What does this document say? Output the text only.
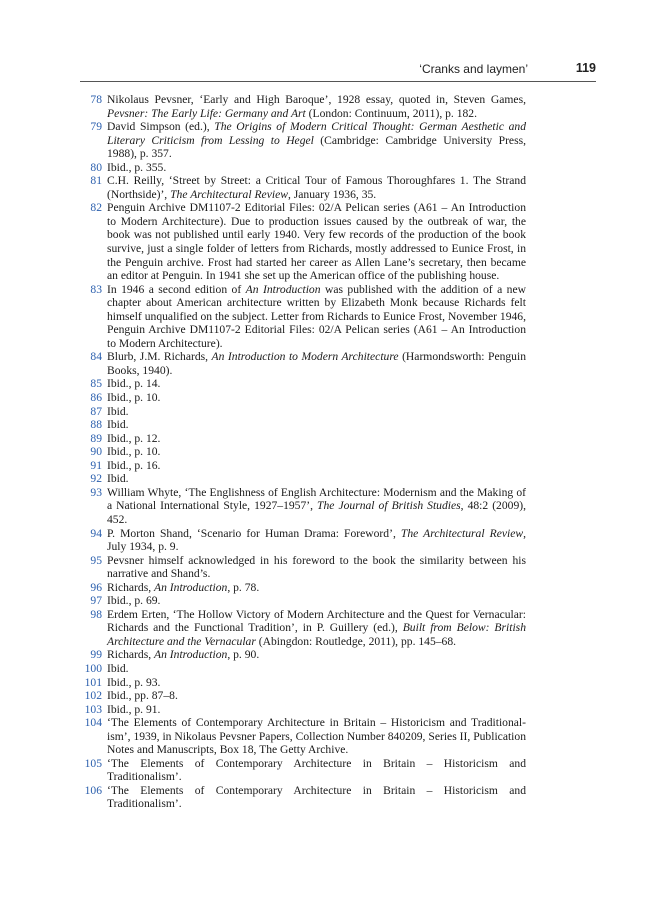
‘Cranks and laymen’	119
78 Nikolaus Pevsner, ‘Early and High Baroque’, 1928 essay, quoted in, Steven Games, Pevsner: The Early Life: Germany and Art (London: Continuum, 2011), p. 182.
79 David Simpson (ed.), The Origins of Modern Critical Thought: German Aesthetic and Literary Criticism from Lessing to Hegel (Cambridge: Cambridge University Press, 1988), p. 357.
80 Ibid., p. 355.
81 C.H. Reilly, ‘Street by Street: a Critical Tour of Famous Thoroughfares 1. The Strand (Northside)’, The Architectural Review, January 1936, 35.
82 Penguin Archive DM1107-2 Editorial Files: 02/A Pelican series (A61 – An Introduction to Modern Architecture). Due to production issues caused by the outbreak of war, the book was not published until early 1940. Very few records of the production of the book survive, just a single folder of letters from Richards, mostly addressed to Eunice Frost, in the Penguin archive. Frost had started her career as Allen Lane’s secretary, then became an editor at Penguin. In 1941 she set up the American office of the publishing house.
83 In 1946 a second edition of An Introduction was published with the addition of a new chapter about American architecture written by Elizabeth Monk because Richards felt himself unqualified on the subject. Letter from Richards to Eunice Frost, November 1946, Penguin Archive DM1107-2 Editorial Files: 02/A Pelican series (A61 – An Introduction to Modern Architecture).
84 Blurb, J.M. Richards, An Introduction to Modern Architecture (Harmondsworth: Penguin Books, 1940).
85 Ibid., p. 14.
86 Ibid., p. 10.
87 Ibid.
88 Ibid.
89 Ibid., p. 12.
90 Ibid., p. 10.
91 Ibid., p. 16.
92 Ibid.
93 William Whyte, ‘The Englishness of English Architecture: Modernism and the Making of a National International Style, 1927–1957’, The Journal of British Studies, 48:2 (2009), 452.
94 P. Morton Shand, ‘Scenario for Human Drama: Foreword’, The Architectural Review, July 1934, p. 9.
95 Pevsner himself acknowledged in his foreword to the book the similarity between his narrative and Shand’s.
96 Richards, An Introduction, p. 78.
97 Ibid., p. 69.
98 Erdem Erten, ‘The Hollow Victory of Modern Architecture and the Quest for Vernacular: Richards and the Functional Tradition’, in P. Guillery (ed.), Built from Below: British Architecture and the Vernacular (Abingdon: Routledge, 2011), pp. 145–68.
99 Richards, An Introduction, p. 90.
100 Ibid.
101 Ibid., p. 93.
102 Ibid., pp. 87–8.
103 Ibid., p. 91.
104 ‘The Elements of Contemporary Architecture in Britain – Historicism and Traditional-ism’, 1939, in Nikolaus Pevsner Papers, Collection Number 840209, Series II, Publication Notes and Manuscripts, Box 18, The Getty Archive.
105 ‘The Elements of Contemporary Architecture in Britain – Historicism and Traditionalism’.
106 ‘The Elements of Contemporary Architecture in Britain – Historicism and Traditionalism’.
